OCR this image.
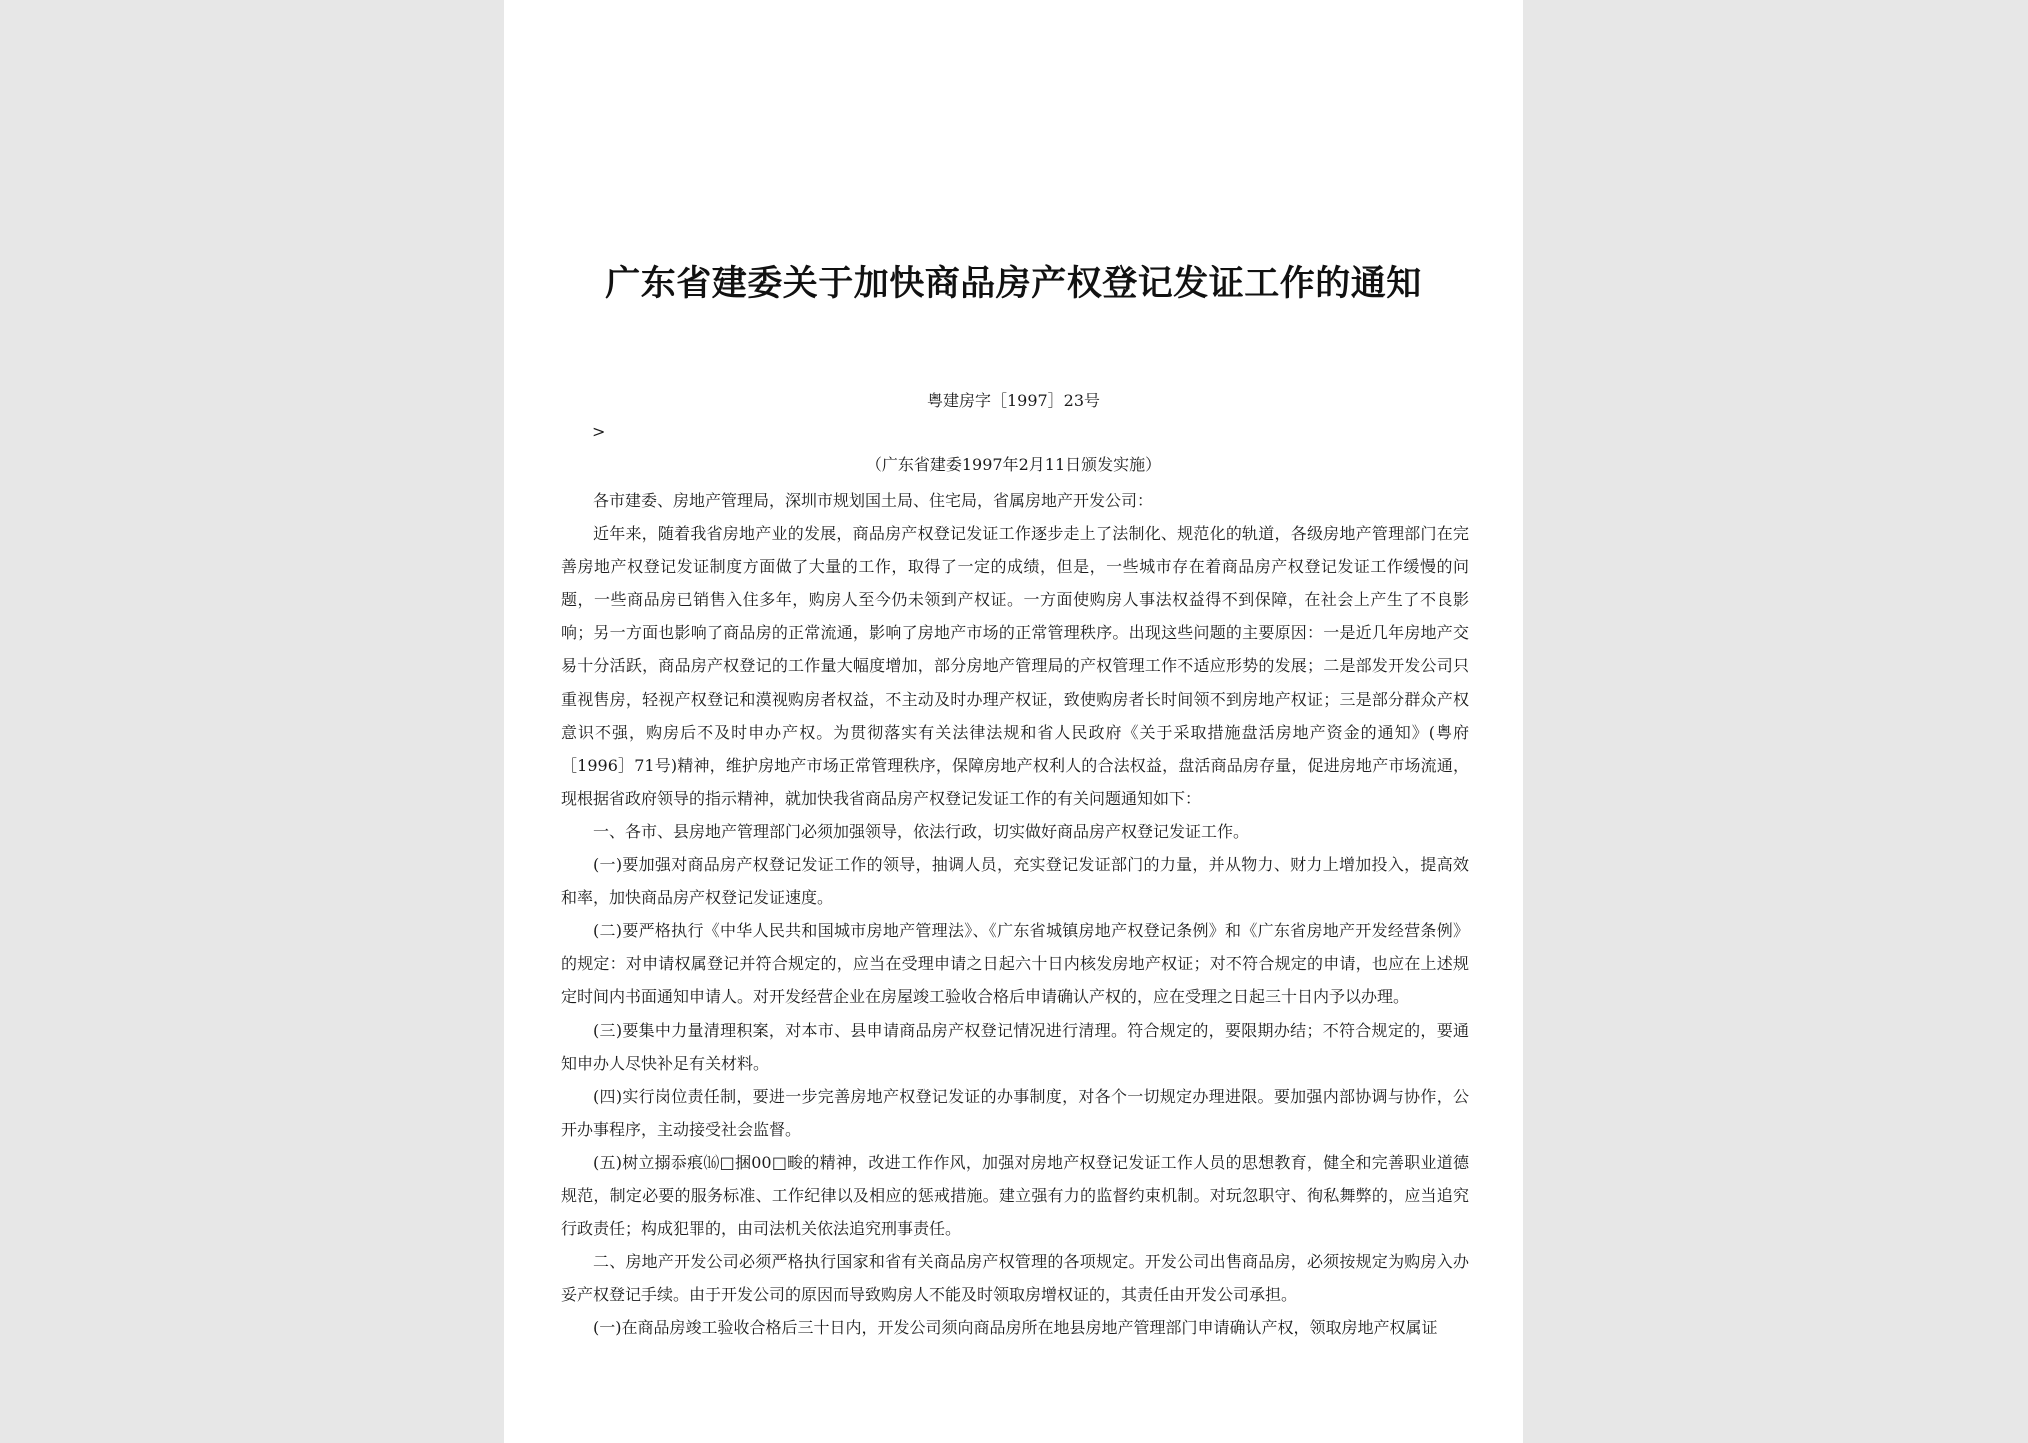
广东省建委关于加快商品房产权登记发证工作的通知
粤建房字［1997］23号
>
（广东省建委1997年2月11日颁发实施）

各市建委、房地产管理局，深圳市规划国土局、住宅局，省属房地产开发公司：

近年来，随着我省房地产业的发展，商品房产权登记发证工作逐步走上了法制化、规范化的轨道，各级房地产管理部门在完善房地产权登记发证制度方面做了大量的工作，取得了一定的成绩，但是，一些城市存在着商品房产权登记发证工作缓慢的问题，一些商品房已销售入住多年，购房人至今仍未领到产权证。一方面使购房人事法权益得不到保障，在社会上产生了不良影响；另一方面也影响了商品房的正常流通，影响了房地产市场的正常管理秩序。出现这些问题的主要原因：一是近几年房地产交易十分活跃，商品房产权登记的工作量大幅度增加，部分房地产管理局的产权管理工作不适应形势的发展；二是部发开发公司只重视售房，轻视产权登记和漠视购房者权益，不主动及时办理产权证，致使购房者长时间领不到房地产权证；三是部分群众产权意识不强，购房后不及时申办产权。为贯彻落实有关法律法规和省人民政府《关于采取措施盘活房地产资金的通知》(粤府［1996］71号)精神，维护房地产市场正常管理秩序，保障房地产权利人的合法权益，盘活商品房存量，促进房地产市场流通，现根据省政府领导的指示精神，就加快我省商品房产权登记发证工作的有关问题通知如下：

一、各市、县房地产管理部门必须加强领导，依法行政，切实做好商品房产权登记发证工作。

(一)要加强对商品房产权登记发证工作的领导，抽调人员，充实登记发证部门的力量，并从物力、财力上增加投入，提高效和率，加快商品房产权登记发证速度。

(二)要严格执行《中华人民共和国城市房地产管理法》、《广东省城镇房地产权登记条例》和《广东省房地产开发经营条例》的规定：对申请权属登记并符合规定的，应当在受理申请之日起六十日内核发房地产权证；对不符合规定的申请，也应在上述规定时间内书面通知申请人。对开发经营企业在房屋竣工验收合格后申请确认产权的，应在受理之日起三十日内予以办理。

(三)要集中力量清理积案，对本市、县申请商品房产权登记情况进行清理。符合规定的，要限期办结；不符合规定的，要通知申办人尽快补足有关材料。

(四)实行岗位责任制，要进一步完善房地产权登记发证的办事制度，对各个一切规定办理进限。要加强内部协调与协作，公开办事程序，主动接受社会监督。

(五)树立搦忝痮⒃□捆00□畯的精神，改进工作作风，加强对房地产权登记发证工作人员的思想教育，健全和完善职业道德规范，制定必要的服务标准、工作纪律以及相应的惩戒措施。建立强有力的监督约束机制。对玩忽职守、徇私舞弊的，应当追究行政责任；构成犯罪的，由司法机关依法追究刑事责任。

二、房地产开发公司必须严格执行国家和省有关商品房产权管理的各项规定。开发公司出售商品房，必须按规定为购房入办妥产权登记手续。由于开发公司的原因而导致购房人不能及时领取房增权证的，其责任由开发公司承担。

(一)在商品房竣工验收合格后三十日内，开发公司须向商品房所在地县房地产管理部门申请确认产权，领取房地产权属证
